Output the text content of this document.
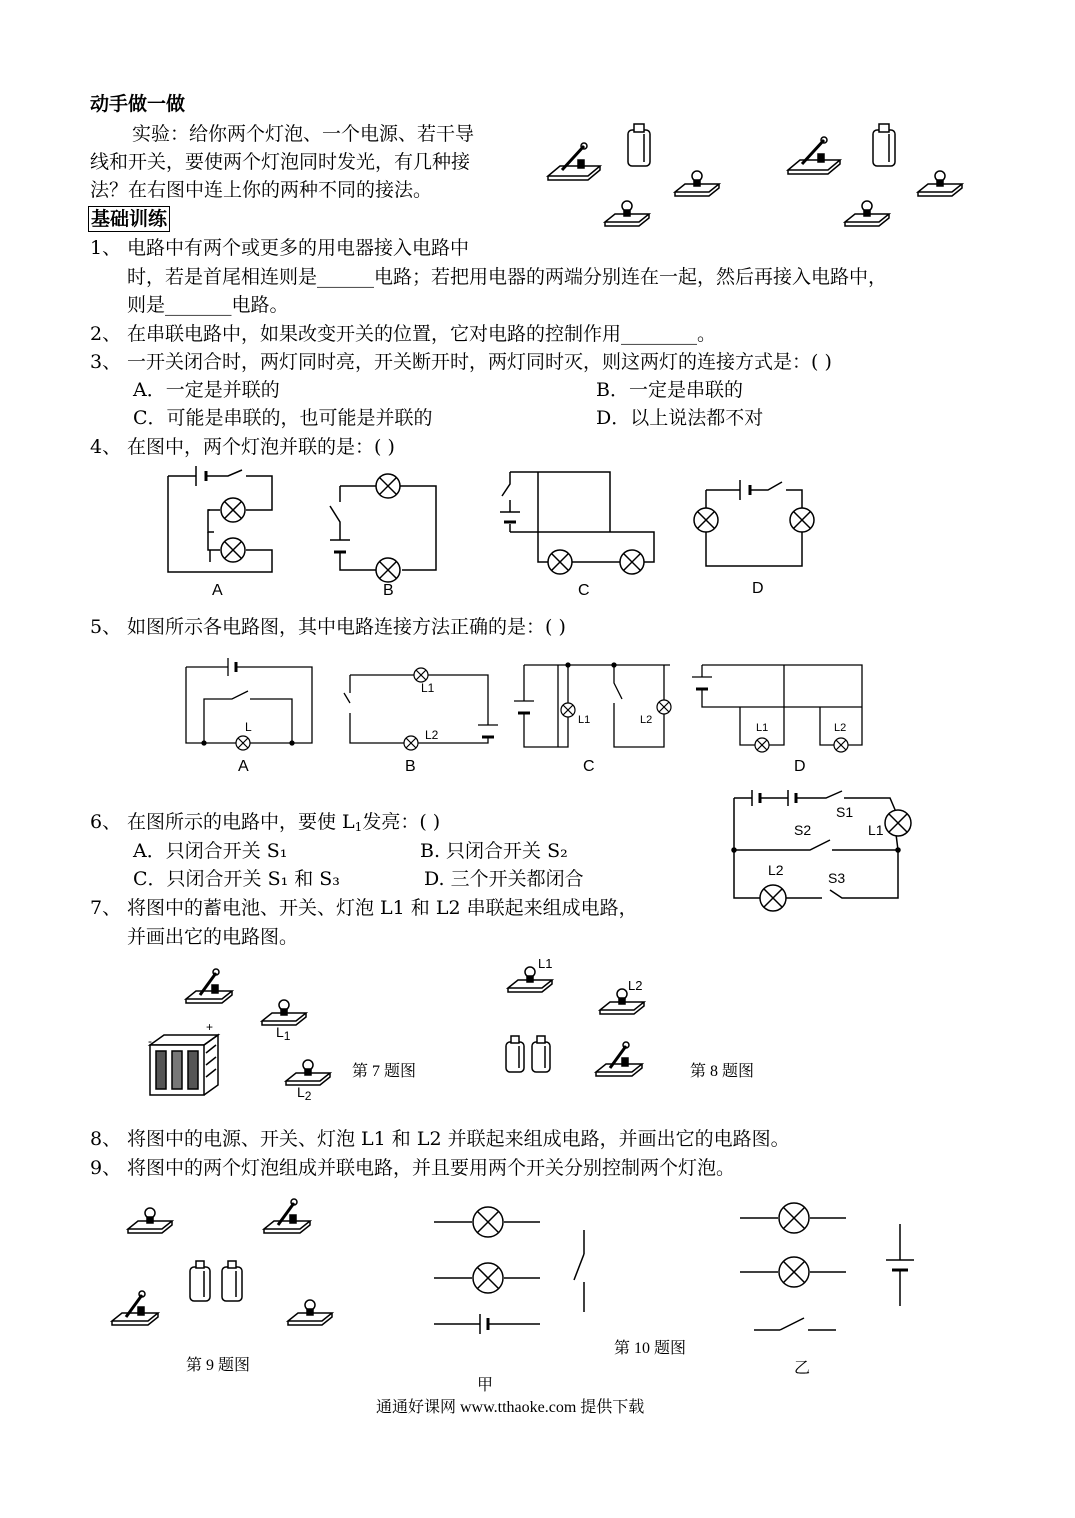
动手做一做
实验：给你两个灯泡、一个电源、若干导
线和开关，要使两个灯泡同时发光，有几种接
法？在右图中连上你的两种不同的接法。
基础训练
1、 电路中有两个或更多的用电器接入电路中
时，若是首尾相连则是______电路；若把用电器的两端分别连在一起，然后再接入电路中，
则是_______电路。
2、 在串联电路中，如果改变开关的位置，它对电路的控制作用________。
3、 一开关闭合时，两灯同时亮，开关断开时，两灯同时灭，则这两灯的连接方式是：( )
A．一定是并联的	B．一定是串联的
C．可能是串联的，也可能是并联的	D．以上说法都不对
4、 在图中，两个灯泡并联的是：( )
A	B	C	D
5、 如图所示各电路图，其中电路连接方法正确的是：( )
L
L1
L2
L1	L2
L1	L2
A	B	C	D
6、 在图所示的电路中，要使 $L_1$发亮：( )
A．只闭合开关 S₁	B. 只闭合开关 S₂
C．只闭合开关 S₁ 和 S₃	D. 三个开关都闭合
S1
S2
S3
L1
L2
7、 将图中的蓄电池、开关、灯泡 L1 和 L2 串联起来组成电路，
并画出它的电路图。
+
-
L1
L2
第 7 题图
L1
L2
第 8 题图
8、 将图中的电源、开关、灯泡 L1 和 L2 并联起来组成电路，并画出它的电路图。
9、 将图中的两个灯泡组成并联电路，并且要用两个开关分别控制两个灯泡。
第 9 题图
第 10 题图
甲
乙
通通好课网 www.tthaoke.com 提供下载
